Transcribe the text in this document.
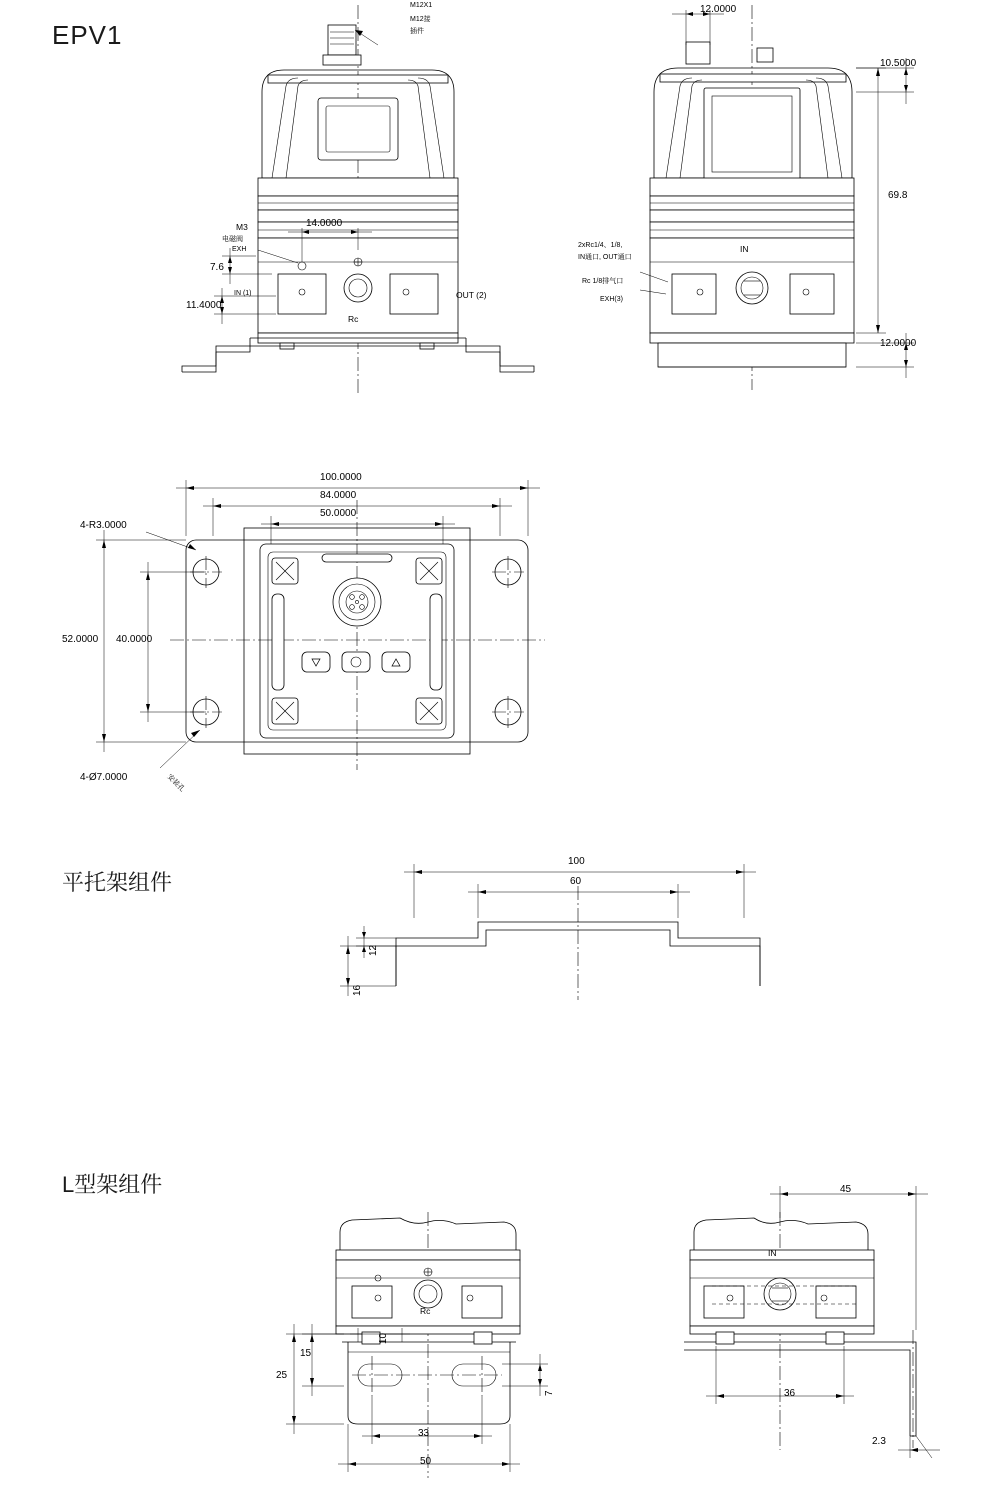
EPV1
M12X1
M12接
插件
14.0000
M3
电磁阀
EXH
7.6
11.4000
IN (1)	OUT (2)
Rc
12.0000
10.5000
69.8
12.0000
IN
2xRc1/4、1/8,
IN通口, OUT通口
Rc 1/8排气口
EXH(3)
100.0000
84.0000
50.0000
52.0000 40.0000
4-R3.0000
4-Ø7.0000	安装孔
平托架组件
100
60
12
16
L型架组件
25
15
10
7
33
50
45
36
2.3
Rc
IN
